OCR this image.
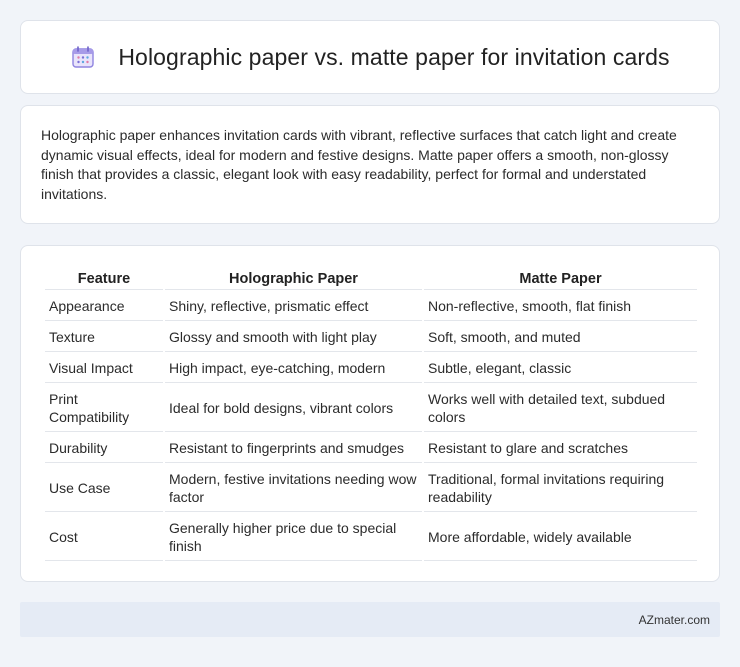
Holographic paper vs. matte paper for invitation cards

Holographic paper enhances invitation cards with vibrant, reflective surfaces that catch light and create dynamic visual effects, ideal for modern and festive designs. Matte paper offers a smooth, non-glossy finish that provides a classic, elegant look with easy readability, perfect for formal and understated invitations.

Feature	Holographic Paper	Matte Paper
Appearance	Shiny, reflective, prismatic effect	Non-reflective, smooth, flat finish
Texture	Glossy and smooth with light play	Soft, smooth, and muted
Visual Impact	High impact, eye-catching, modern	Subtle, elegant, classic
Print Compatibility	Ideal for bold designs, vibrant colors	Works well with detailed text, subdued colors
Durability	Resistant to fingerprints and smudges	Resistant to glare and scratches
Use Case	Modern, festive invitations needing wow factor	Traditional, formal invitations requiring readability
Cost	Generally higher price due to special finish	More affordable, widely available
AZmater.com
